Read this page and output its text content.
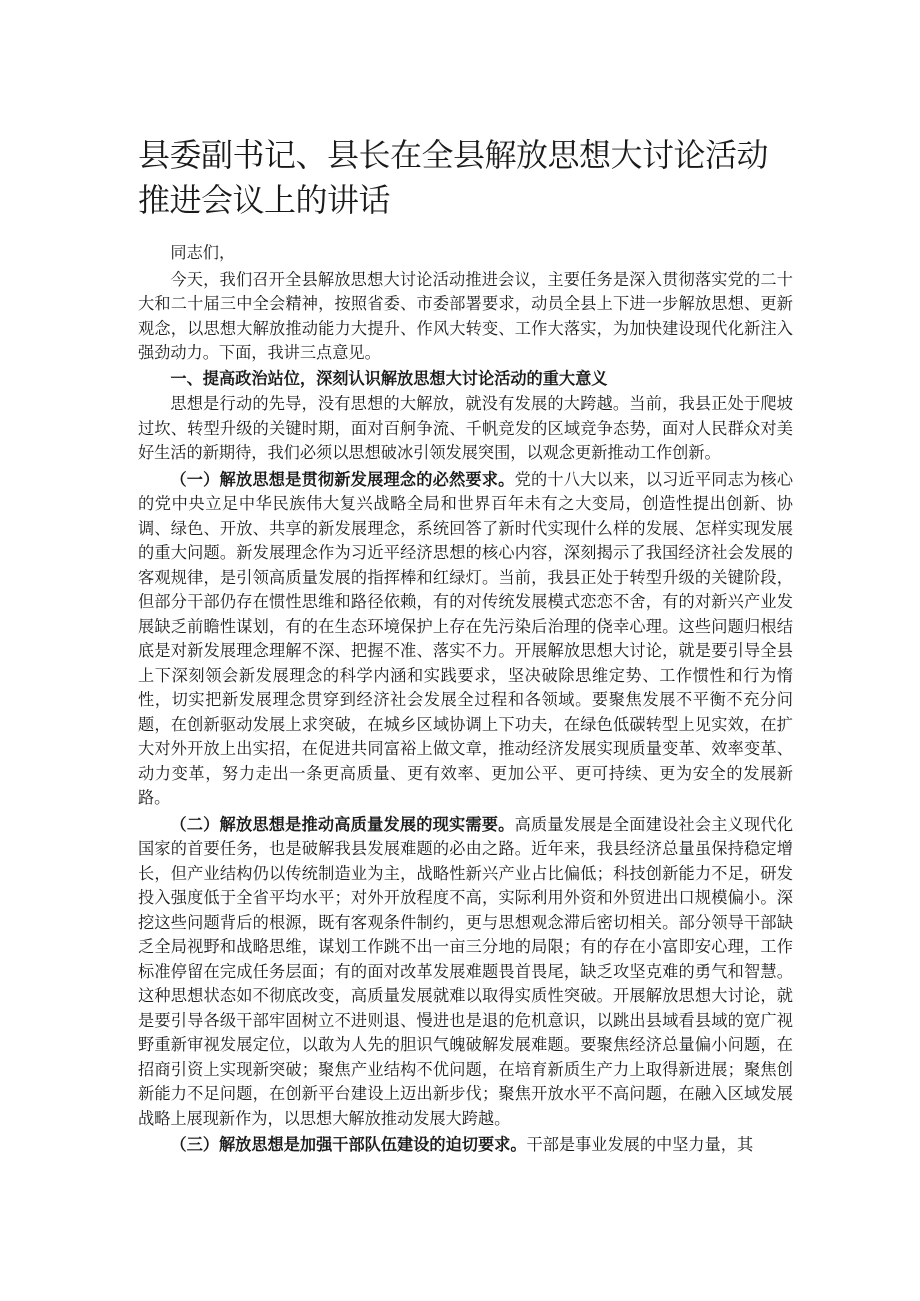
县委副书记、县长在全县解放思想大讨论活动推进会议上的讲话

同志们，

今天，我们召开全县解放思想大讨论活动推进会议，主要任务是深入贯彻落实党的二十大和二十届三中全会精神，按照省委、市委部署要求，动员全县上下进一步解放思想、更新观念，以思想大解放推动能力大提升、作风大转变、工作大落实，为加快建设现代化新注入强劲动力。下面，我讲三点意见。

一、提高政治站位，深刻认识解放思想大讨论活动的重大意义

思想是行动的先导，没有思想的大解放，就没有发展的大跨越。当前，我县正处于爬坡过坎、转型升级的关键时期，面对百舸争流、千帆竞发的区域竞争态势，面对人民群众对美好生活的新期待，我们必须以思想破冰引领发展突围，以观念更新推动工作创新。

（一）解放思想是贯彻新发展理念的必然要求。党的十八大以来，以习近平同志为核心的党中央立足中华民族伟大复兴战略全局和世界百年未有之大变局，创造性提出创新、协调、绿色、开放、共享的新发展理念，系统回答了新时代实现什么样的发展、怎样实现发展的重大问题。新发展理念作为习近平经济思想的核心内容，深刻揭示了我国经济社会发展的客观规律，是引领高质量发展的指挥棒和红绿灯。当前，我县正处于转型升级的关键阶段，但部分干部仍存在惯性思维和路径依赖，有的对传统发展模式恋恋不舍，有的对新兴产业发展缺乏前瞻性谋划，有的在生态环境保护上存在先污染后治理的侥幸心理。这些问题归根结底是对新发展理念理解不深、把握不准、落实不力。开展解放思想大讨论，就是要引导全县上下深刻领会新发展理念的科学内涵和实践要求，坚决破除思维定势、工作惯性和行为惰性，切实把新发展理念贯穿到经济社会发展全过程和各领域。要聚焦发展不平衡不充分问题，在创新驱动发展上求突破，在城乡区域协调上下功夫，在绿色低碳转型上见实效，在扩大对外开放上出实招，在促进共同富裕上做文章，推动经济发展实现质量变革、效率变革、动力变革，努力走出一条更高质量、更有效率、更加公平、更可持续、更为安全的发展新路。

（二）解放思想是推动高质量发展的现实需要。高质量发展是全面建设社会主义现代化国家的首要任务，也是破解我县发展难题的必由之路。近年来，我县经济总量虽保持稳定增长，但产业结构仍以传统制造业为主，战略性新兴产业占比偏低；科技创新能力不足，研发投入强度低于全省平均水平；对外开放程度不高，实际利用外资和外贸进出口规模偏小。深挖这些问题背后的根源，既有客观条件制约，更与思想观念滞后密切相关。部分领导干部缺乏全局视野和战略思维，谋划工作跳不出一亩三分地的局限；有的存在小富即安心理，工作标准停留在完成任务层面；有的面对改革发展难题畏首畏尾，缺乏攻坚克难的勇气和智慧。这种思想状态如不彻底改变，高质量发展就难以取得实质性突破。开展解放思想大讨论，就是要引导各级干部牢固树立不进则退、慢进也是退的危机意识，以跳出县域看县域的宽广视野重新审视发展定位，以敢为人先的胆识气魄破解发展难题。要聚焦经济总量偏小问题，在招商引资上实现新突破；聚焦产业结构不优问题，在培育新质生产力上取得新进展；聚焦创新能力不足问题，在创新平台建设上迈出新步伐；聚焦开放水平不高问题，在融入区域发展战略上展现新作为，以思想大解放推动发展大跨越。

（三）解放思想是加强干部队伍建设的迫切要求。干部是事业发展的中坚力量，其
